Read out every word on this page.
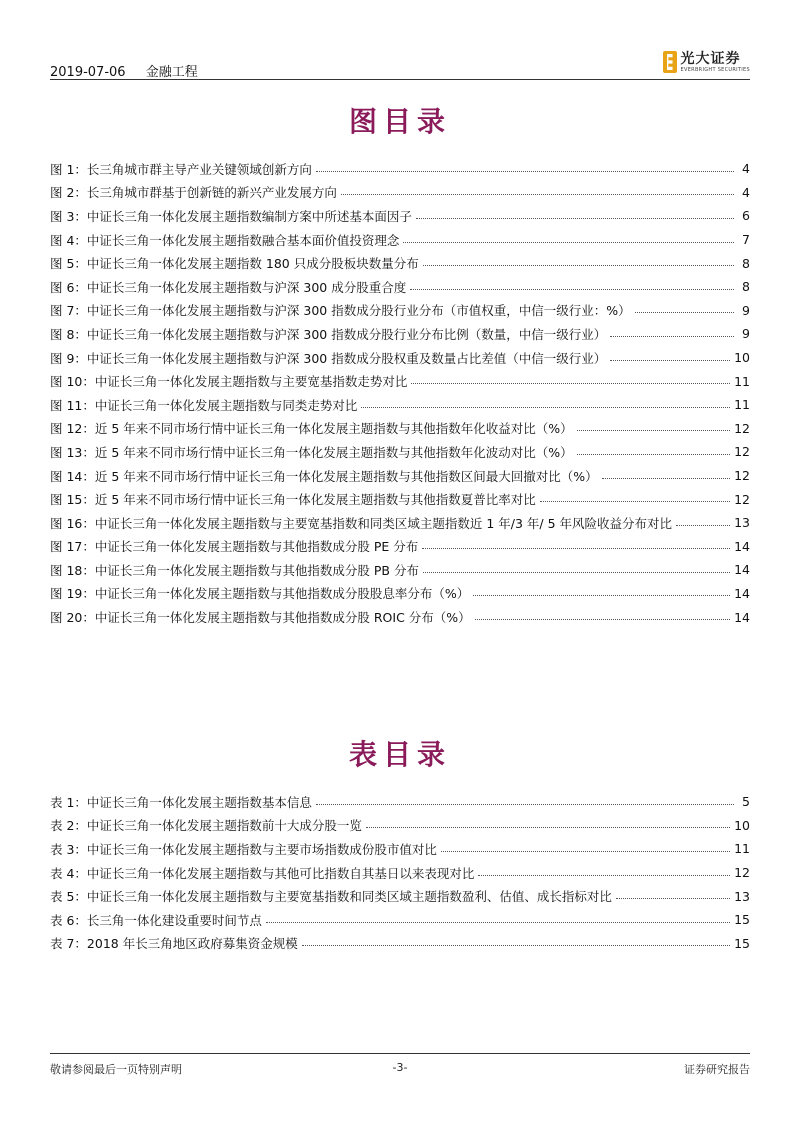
2019-07-06 金融工程
光大证券
EVERBRIGHT SECURITIES
图目录
图 1：长三角城市群主导产业关键领域创新方向	4
图 2：长三角城市群基于创新链的新兴产业发展方向	4
图 3：中证长三角一体化发展主题指数编制方案中所述基本面因子	6
图 4：中证长三角一体化发展主题指数融合基本面价值投资理念	7
图 5：中证长三角一体化发展主题指数 180 只成分股板块数量分布	8
图 6：中证长三角一体化发展主题指数与沪深 300 成分股重合度	8
图 7：中证长三角一体化发展主题指数与沪深 300 指数成分股行业分布（市值权重，中信一级行业：%）	9
图 8：中证长三角一体化发展主题指数与沪深 300 指数成分股行业分布比例（数量，中信一级行业）	9
图 9：中证长三角一体化发展主题指数与沪深 300 指数成分股权重及数量占比差值（中信一级行业）	10
图 10：中证长三角一体化发展主题指数与主要宽基指数走势对比	11
图 11：中证长三角一体化发展主题指数与同类走势对比	11
图 12：近 5 年来不同市场行情中证长三角一体化发展主题指数与其他指数年化收益对比（%）	12
图 13：近 5 年来不同市场行情中证长三角一体化发展主题指数与其他指数年化波动对比（%）	12
图 14：近 5 年来不同市场行情中证长三角一体化发展主题指数与其他指数区间最大回撤对比（%）	12
图 15：近 5 年来不同市场行情中证长三角一体化发展主题指数与其他指数夏普比率对比	12
图 16：中证长三角一体化发展主题指数与主要宽基指数和同类区域主题指数近 1 年/3 年/ 5 年风险收益分布对比	13
图 17：中证长三角一体化发展主题指数与其他指数成分股 PE 分布	14
图 18：中证长三角一体化发展主题指数与其他指数成分股 PB 分布	14
图 19：中证长三角一体化发展主题指数与其他指数成分股股息率分布（%）	14
图 20：中证长三角一体化发展主题指数与其他指数成分股 ROIC 分布（%）	14
表目录
表 1：中证长三角一体化发展主题指数基本信息	5
表 2：中证长三角一体化发展主题指数前十大成分股一览	10
表 3：中证长三角一体化发展主题指数与主要市场指数成份股市值对比	11
表 4：中证长三角一体化发展主题指数与其他可比指数自其基日以来表现对比	12
表 5：中证长三角一体化发展主题指数与主要宽基指数和同类区域主题指数盈利、估值、成长指标对比	13
表 6：长三角一体化建设重要时间节点	15
表 7：2018 年长三角地区政府募集资金规模	15
敬请参阅最后一页特别声明	-3-	证券研究报告
